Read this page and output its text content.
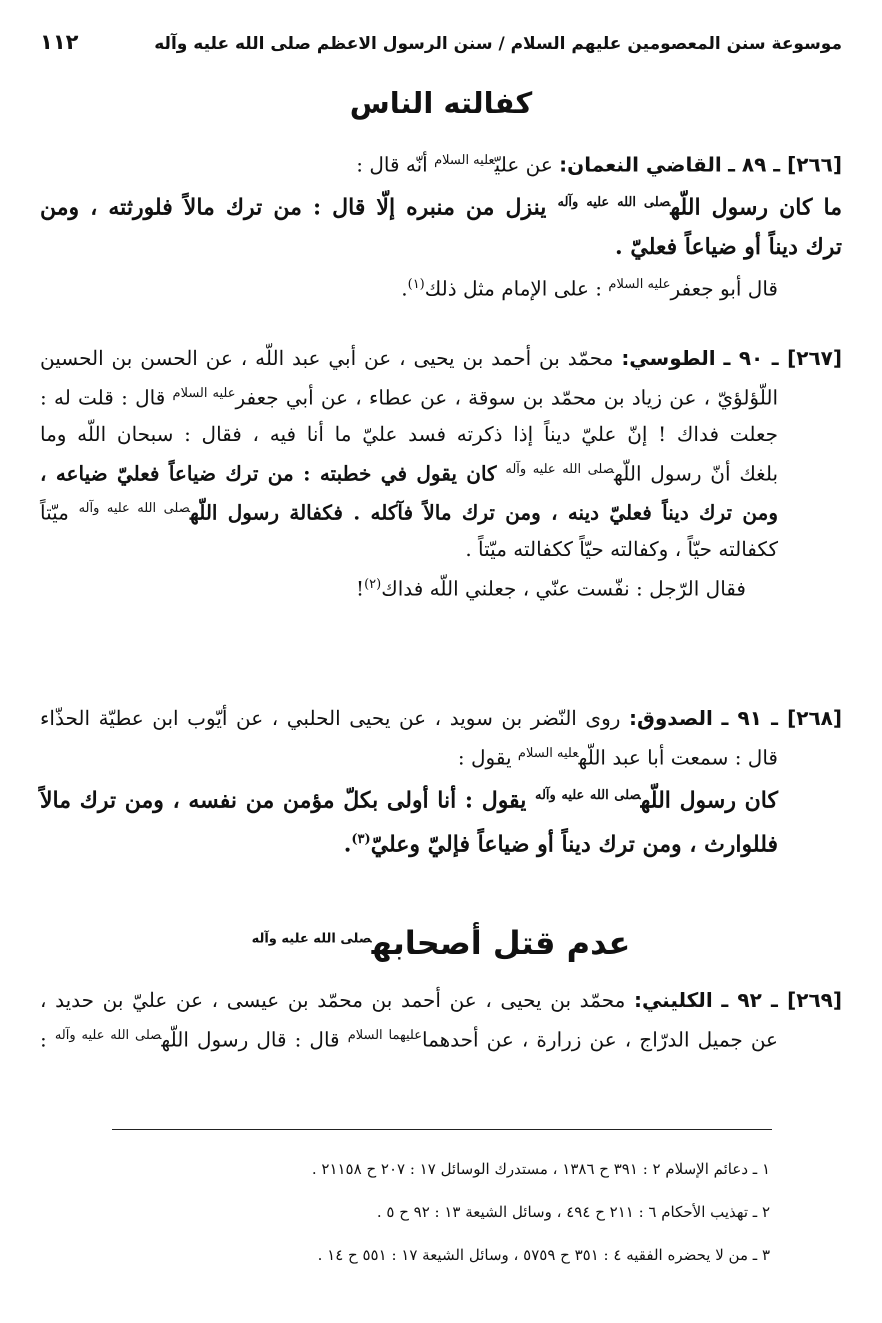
موسوعة سنن المعصومين عليهم السلام / سنن الرسول الاعظم صلى الله عليه وآله
١١٢
كفالته الناس
[٢٦٦] ـ ٨٩ ـ القاضي النعمان: عن عليّ$^{عليه السلام}$ أنّه قال :
ما كان رسول اللّه$^{صلى الله عليه وآله}$ ينزل من منبره إلّا قال : من ترك مالاً فلورثته ، ومن
ترك ديناً أو ضياعاً فعليّ .
قال أبو جعفر$^{عليه السلام}$ : على الإمام مثل ذلك$^{(١)}$.
[٢٦٧] ـ ٩٠ ـ الطوسي: محمّد بن أحمد بن يحيى ، عن أبي عبد اللّه ، عن الحسن بن الحسين
اللّؤلؤيّ ، عن زياد بن محمّد بن سوقة ، عن عطاء ، عن أبي جعفر$^{عليه السلام}$ قال : قلت له :
جعلت فداك ! إنّ عليّ ديناً إذا ذكرته فسد عليّ ما أنا فيه ، فقال : سبحان اللّه وما
بلغك أنّ رسول اللّه$^{صلى الله عليه وآله}$ كان يقول في خطبته : من ترك ضياعاً فعليّ ضياعه ،
ومن ترك ديناً فعليّ دينه ، ومن ترك مالاً فآكله . فكفالة رسول اللّه$^{صلى الله عليه وآله}$ ميّتاً
ككفالته حيّاً ، وكفالته حيّاً ككفالته ميّتاً .
فقال الرّجل : نفّست عنّي ، جعلني اللّه فداك$^{(٢)}$!
[٢٦٨] ـ ٩١ ـ الصدوق: روى النّضر بن سويد ، عن يحيى الحلبي ، عن أيّوب ابن عطيّة الحذّاء
قال : سمعت أبا عبد اللّه$^{عليه السلام}$ يقول :
كان رسول اللّه$^{صلى الله عليه وآله}$ يقول : أنا أولى بكلّ مؤمن من نفسه ، ومن ترك مالاً
فللوارث ، ومن ترك ديناً أو ضياعاً فإليّ وعليّ$^{(٣)}$.
عدم قتل أصحابه$^{صلى الله عليه وآله}$
[٢٦٩] ـ ٩٢ ـ الكليني: محمّد بن يحيى ، عن أحمد بن محمّد بن عيسى ، عن عليّ بن حديد ،
عن جميل الدرّاج ، عن زرارة ، عن أحدهما$^{عليهما السلام}$ قال : قال رسول اللّه$^{صلى الله عليه وآله}$ :
١ ـ دعائم الإسلام ٢ : ٣٩١ ح ١٣٨٦ ، مستدرك الوسائل ١٧ : ٢٠٧ ح ٢١١٥٨ .
٢ ـ تهذيب الأحكام ٦ : ٢١١ ح ٤٩٤ ، وسائل الشيعة ١٣ : ٩٢ ح ٥ .
٣ ـ من لا يحضره الفقيه ٤ : ٣٥١ ح ٥٧٥٩ ، وسائل الشيعة ١٧ : ٥٥١ ح ١٤ .
